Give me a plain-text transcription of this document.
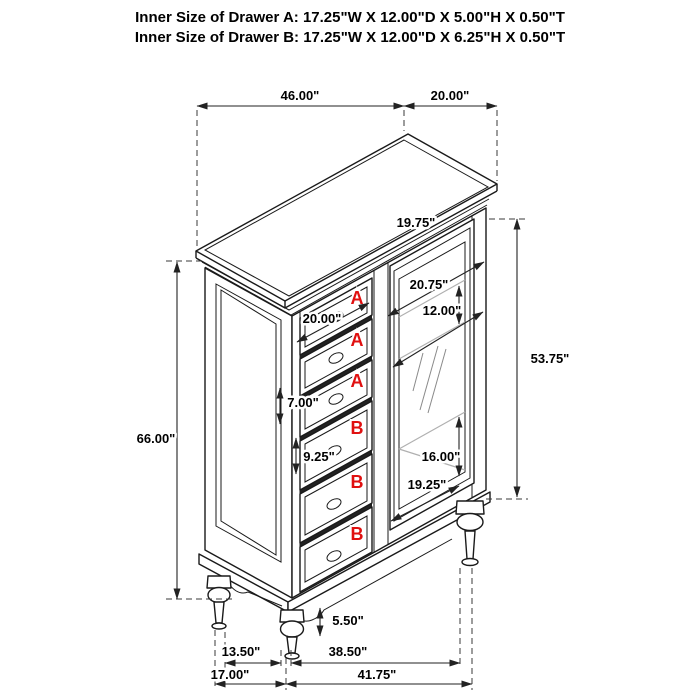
Inner Size of Drawer A: 17.25"W X 12.00"D X 5.00"H X 0.50"T
Inner Size of Drawer B: 17.25"W X 12.00"D X 6.25"H X 0.50"T
A
A
A
B
B
B
46.00"	20.00"
66.00"
53.75"
19.75"
20.75"
12.00"
16.00"
19.25"
20.00"
7.00"
9.25"
5.50"
13.50"	38.50"
17.00"	41.75"
